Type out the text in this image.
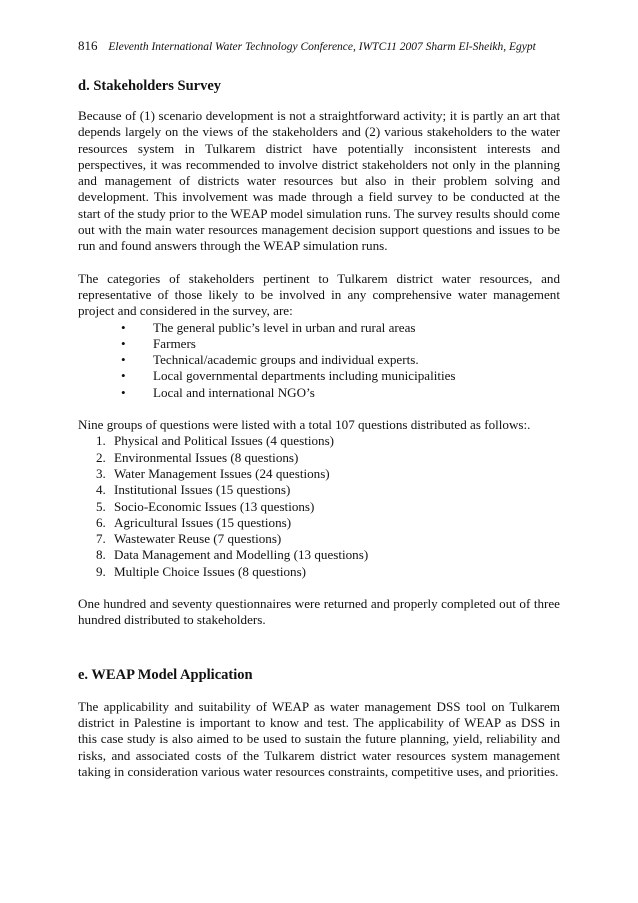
816 Eleventh International Water Technology Conference, IWTC11 2007 Sharm El-Sheikh, Egypt
d. Stakeholders Survey

Because of (1) scenario development is not a straightforward activity; it is partly an art that depends largely on the views of the stakeholders and (2) various stakeholders to the water resources system in Tulkarem district have potentially inconsistent interests and perspectives, it was recommended to involve district stakeholders not only in the planning and management of districts water resources but also in their problem solving and development. This involvement was made through a field survey to be conducted at the start of the study prior to the WEAP model simulation runs. The survey results should come out with the main water resources management decision support questions and issues to be run and found answers through the WEAP simulation runs.

The categories of stakeholders pertinent to Tulkarem district water resources, and representative of those likely to be involved in any comprehensive water management project and considered in the survey, are:

• The general public’s level in urban and rural areas
• Farmers
• Technical/academic groups and individual experts.
• Local governmental departments including municipalities
• Local and international NGO’s

Nine groups of questions were listed with a total 107 questions distributed as follows:.

1. Physical and Political Issues (4 questions)
2. Environmental Issues (8 questions)
3. Water Management Issues (24 questions)
4. Institutional Issues (15 questions)
5. Socio-Economic Issues (13 questions)
6. Agricultural Issues (15 questions)
7. Wastewater Reuse (7 questions)
8. Data Management and Modelling (13 questions)
9. Multiple Choice Issues (8 questions)

One hundred and seventy questionnaires were returned and properly completed out of three hundred distributed to stakeholders.

e. WEAP Model Application

The applicability and suitability of WEAP as water management DSS tool on Tulkarem district in Palestine is important to know and test. The applicability of WEAP as DSS in this case study is also aimed to be used to sustain the future planning, yield, reliability and risks, and associated costs of the Tulkarem district water resources system management taking in consideration various water resources constraints, competitive uses, and priorities.
